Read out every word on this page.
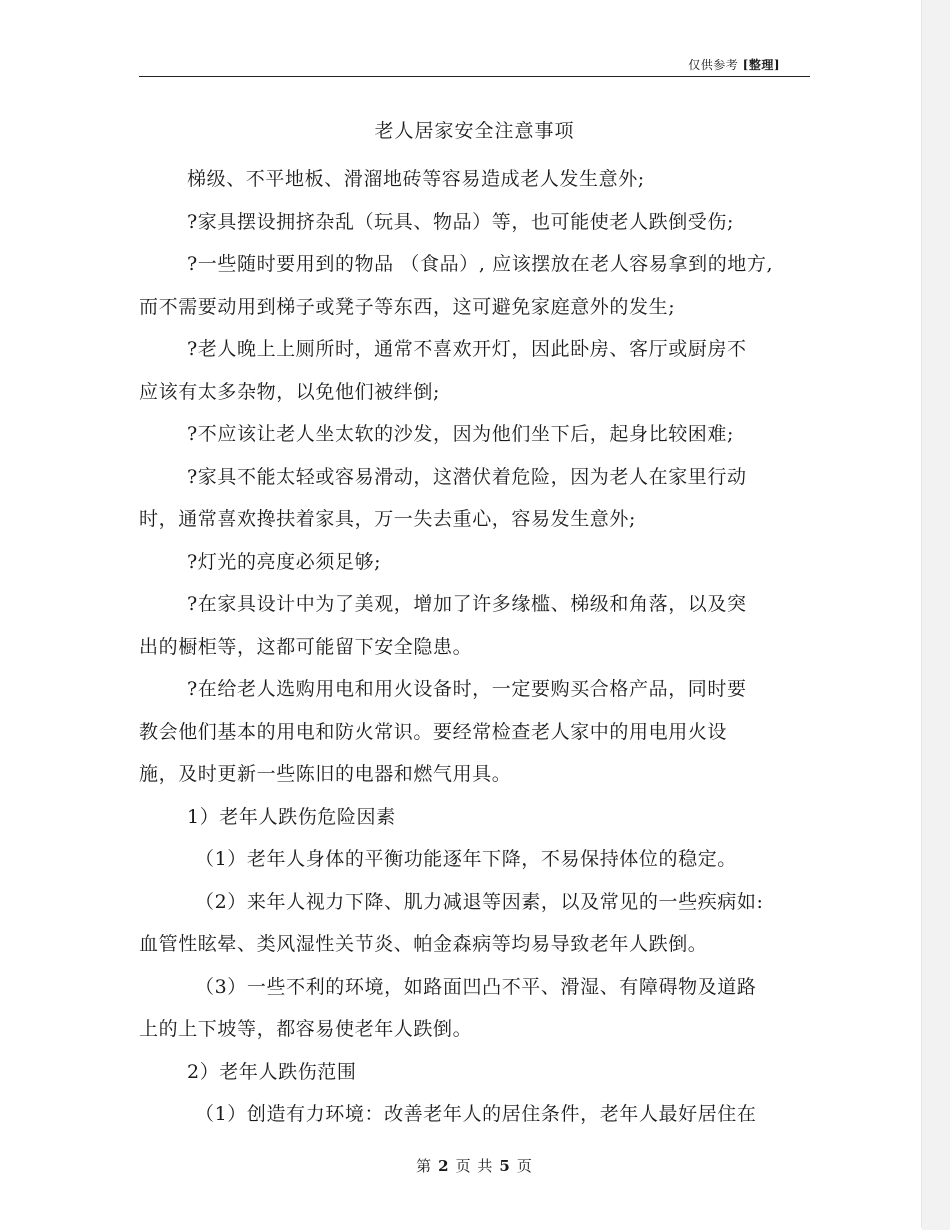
仅供参考 [整理]
老人居家安全注意事项
梯级、不平地板、滑溜地砖等容易造成老人发生意外;
?家具摆设拥挤杂乱（玩具、物品）等，也可能使老人跌倒受伤;
?一些随时要用到的物品 （食品）, 应该摆放在老人容易拿到的地方,
而不需要动用到梯子或凳子等东西，这可避免家庭意外的发生;
?老人晚上上厕所时，通常不喜欢开灯，因此卧房、客厅或厨房不
应该有太多杂物，以免他们被绊倒;
?不应该让老人坐太软的沙发，因为他们坐下后，起身比较困难;
?家具不能太轻或容易滑动，这潜伏着危险，因为老人在家里行动
时，通常喜欢搀扶着家具，万一失去重心，容易发生意外;
?灯光的亮度必须足够;
?在家具设计中为了美观，增加了许多缘槛、梯级和角落，以及突
出的橱柜等，这都可能留下安全隐患。
?在给老人选购用电和用火设备时，一定要购买合格产品，同时要
教会他们基本的用电和防火常识。要经常检查老人家中的用电用火设
施，及时更新一些陈旧的电器和燃气用具。
1）老年人跌伤危险因素
（1）老年人身体的平衡功能逐年下降，不易保持体位的稳定。
（2）来年人视力下降、肌力减退等因素，以及常见的一些疾病如:
血管性眩晕、类风湿性关节炎、帕金森病等均易导致老年人跌倒。
（3）一些不利的环境，如路面凹凸不平、滑湿、有障碍物及道路
上的上下坡等，都容易使老年人跌倒。
2）老年人跌伤范围
（1）创造有力环境：改善老年人的居住条件，老年人最好居住在
第 2 页 共 5 页
